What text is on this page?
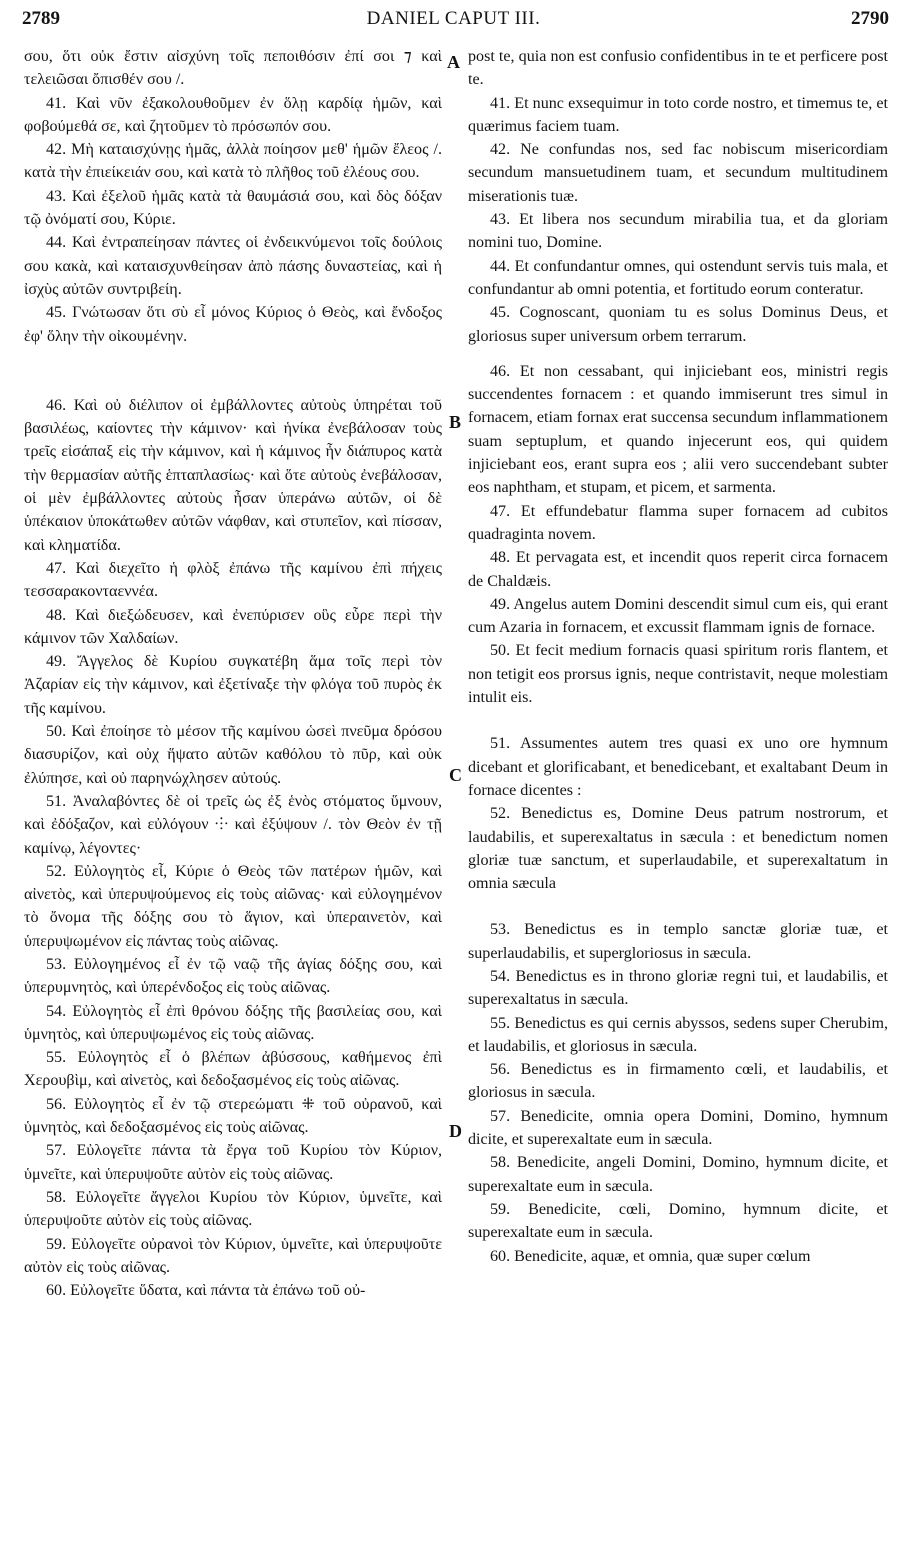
2789	DANIEL CAPUT III.	2790
A
B
C
D

σου, ὅτι οὐκ ἔστιν αἰσχύνη τοῖς πεποιθόσιν ἐπί σοι ⁊ καὶ τελειῶσαι ὄπισθέν σου /.

41. Καὶ νῦν ἐξακολουθοῦμεν ἐν ὅλῃ καρδίᾳ ἡμῶν, καὶ φοβούμεθά σε, καὶ ζητοῦμεν τὸ πρόσωπόν σου.

42. Μὴ καταισχύνῃς ἡμᾶς, ἀλλὰ ποίησον μεθ' ἡμῶν ἔλεος /. κατὰ τὴν ἐπιείκειάν σου, καὶ κατὰ τὸ πλῆθος τοῦ ἐλέους σου.

43. Καὶ ἐξελοῦ ἡμᾶς κατὰ τὰ θαυμάσιά σου, καὶ δὸς δόξαν τῷ ὀνόματί σου, Κύριε.

44. Καὶ ἐντραπείησαν πάντες οἱ ἐνδεικνύμενοι τοῖς δούλοις σου κακὰ, καὶ καταισχυνθείησαν ἀπὸ πάσης δυναστείας, καὶ ἡ ἰσχὺς αὐτῶν συντριβείη.

45. Γνώτωσαν ὅτι σὺ εἶ μόνος Κύριος ὁ Θεὸς, καὶ ἔνδοξος ἐφ' ὅλην τὴν οἰκουμένην.

46. Καὶ οὐ διέλιπον οἱ ἐμβάλλοντες αὐτοὺς ὑπηρέται τοῦ βασιλέως, καίοντες τὴν κάμινον· καὶ ἡνίκα ἐνεβάλοσαν τοὺς τρεῖς εἰσάπαξ εἰς τὴν κάμινον, καὶ ἡ κάμινος ἦν διάπυρος κατὰ τὴν θερμασίαν αὐτῆς ἑπταπλασίως· καὶ ὅτε αὐτοὺς ἐνεβάλοσαν, οἱ μὲν ἐμβάλλοντες αὐτοὺς ἦσαν ὑπεράνω αὐτῶν, οἱ δὲ ὑπέκαιον ὑποκάτωθεν αὐτῶν νάφθαν, καὶ στυπεῖον, καὶ πίσσαν, καὶ κληματίδα.

47. Καὶ διεχεῖτο ἡ φλὸξ ἐπάνω τῆς καμίνου ἐπὶ πήχεις τεσσαρακονταεννέα.

48. Καὶ διεξώδευσεν, καὶ ἐνεπύρισεν οὓς εὗρε περὶ τὴν κάμινον τῶν Χαλδαίων.

49. Ἄγγελος δὲ Κυρίου συγκατέβη ἅμα τοῖς περὶ τὸν Ἀζαρίαν εἰς τὴν κάμινον, καὶ ἐξετίναξε τὴν φλόγα τοῦ πυρὸς ἐκ τῆς καμίνου.

50. Καὶ ἐποίησε τὸ μέσον τῆς καμίνου ὡσεὶ πνεῦμα δρόσου διασυρίζον, καὶ οὐχ ἥψατο αὐτῶν καθόλου τὸ πῦρ, καὶ οὐκ ἐλύπησε, καὶ οὐ παρηνώχλησεν αὐτούς.

51. Ἀναλαβόντες δὲ οἱ τρεῖς ὡς ἐξ ἑνὸς στόματος ὕμνουν, καὶ ἐδόξαζον, καὶ εὐλόγουν ⸭ καὶ ἐξύψουν /. τὸν Θεὸν ἐν τῇ καμίνῳ, λέγοντες·

52. Εὐλογητὸς εἶ, Κύριε ὁ Θεὸς τῶν πατέρων ἡμῶν, καὶ αἰνετὸς, καὶ ὑπερυψούμενος εἰς τοὺς αἰῶνας· καὶ εὐλογημένον τὸ ὄνομα τῆς δόξης σου τὸ ἅγιον, καὶ ὑπεραινετὸν, καὶ ὑπερυψωμένον εἰς πάντας τοὺς αἰῶνας.

53. Εὐλογημένος εἶ ἐν τῷ ναῷ τῆς ἁγίας δόξης σου, καὶ ὑπερυμνητὸς, καὶ ὑπερένδοξος εἰς τοὺς αἰῶνας.

54. Εὐλογητὸς εἶ ἐπὶ θρόνου δόξης τῆς βασιλείας σου, καὶ ὑμνητὸς, καὶ ὑπερυψωμένος εἰς τοὺς αἰῶνας.

55. Εὐλογητὸς εἶ ὁ βλέπων ἀβύσσους, καθήμενος ἐπὶ Χερουβὶμ, καὶ αἰνετὸς, καὶ δεδοξασμένος εἰς τοὺς αἰῶνας.

56. Εὐλογητὸς εἶ ἐν τῷ στερεώματι ⁜ τοῦ οὐρανοῦ, καὶ ὑμνητὸς, καὶ δεδοξασμένος εἰς τοὺς αἰῶνας.

57. Εὐλογεῖτε πάντα τὰ ἔργα τοῦ Κυρίου τὸν Κύριον, ὑμνεῖτε, καὶ ὑπερυψοῦτε αὐτὸν εἰς τοὺς αἰῶνας.

58. Εὐλογεῖτε ἄγγελοι Κυρίου τὸν Κύριον, ὑμνεῖτε, καὶ ὑπερυψοῦτε αὐτὸν εἰς τοὺς αἰῶνας.

59. Εὐλογεῖτε οὐρανοὶ τὸν Κύριον, ὑμνεῖτε, καὶ ὑπερυψοῦτε αὐτὸν εἰς τοὺς αἰῶνας.

60. Εὐλογεῖτε ὕδατα, καὶ πάντα τὰ ἐπάνω τοῦ οὐ-

post te, quia non est confusio confidentibus in te et perficere post te.

41. Et nunc exsequimur in toto corde nostro, et timemus te, et quærimus faciem tuam.

42. Ne confundas nos, sed fac nobiscum misericordiam secundum mansuetudinem tuam, et secundum multitudinem miserationis tuæ.

43. Et libera nos secundum mirabilia tua, et da gloriam nomini tuo, Domine.

44. Et confundantur omnes, qui ostendunt servis tuis mala, et confundantur ab omni potentia, et fortitudo eorum conteratur.

45. Cognoscant, quoniam tu es solus Dominus Deus, et gloriosus super universum orbem terrarum.

46. Et non cessabant, qui injiciebant eos, ministri regis succendentes fornacem : et quando immiserunt tres simul in fornacem, etiam fornax erat succensa secundum inflammationem suam septuplum, et quando injecerunt eos, qui quidem injiciebant eos, erant supra eos ; alii vero succendebant subter eos naphtham, et stupam, et picem, et sarmenta.

47. Et effundebatur flamma super fornacem ad cubitos quadraginta novem.

48. Et pervagata est, et incendit quos reperit circa fornacem de Chaldæis.

49. Angelus autem Domini descendit simul cum eis, qui erant cum Azaria in fornacem, et excussit flammam ignis de fornace.

50. Et fecit medium fornacis quasi spiritum roris flantem, et non tetigit eos prorsus ignis, neque contristavit, neque molestiam intulit eis.

51. Assumentes autem tres quasi ex uno ore hymnum dicebant et glorificabant, et benedicebant, et exaltabant Deum in fornace dicentes :

52. Benedictus es, Domine Deus patrum nostrorum, et laudabilis, et superexaltatus in sæcula : et benedictum nomen gloriæ tuæ sanctum, et superlaudabile, et superexaltatum in omnia sæcula

53. Benedictus es in templo sanctæ gloriæ tuæ, et superlaudabilis, et supergloriosus in sæcula.

54. Benedictus es in throno gloriæ regni tui, et laudabilis, et superexaltatus in sæcula.

55. Benedictus es qui cernis abyssos, sedens super Cherubim, et laudabilis, et gloriosus in sæcula.

56. Benedictus es in firmamento cœli, et laudabilis, et gloriosus in sæcula.

57. Benedicite, omnia opera Domini, Domino, hymnum dicite, et superexaltate eum in sæcula.

58. Benedicite, angeli Domini, Domino, hymnum dicite, et superexaltate eum in sæcula.

59. Benedicite, cœli, Domino, hymnum dicite, et superexaltate eum in sæcula.

60. Benedicite, aquæ, et omnia, quæ super cœlum
